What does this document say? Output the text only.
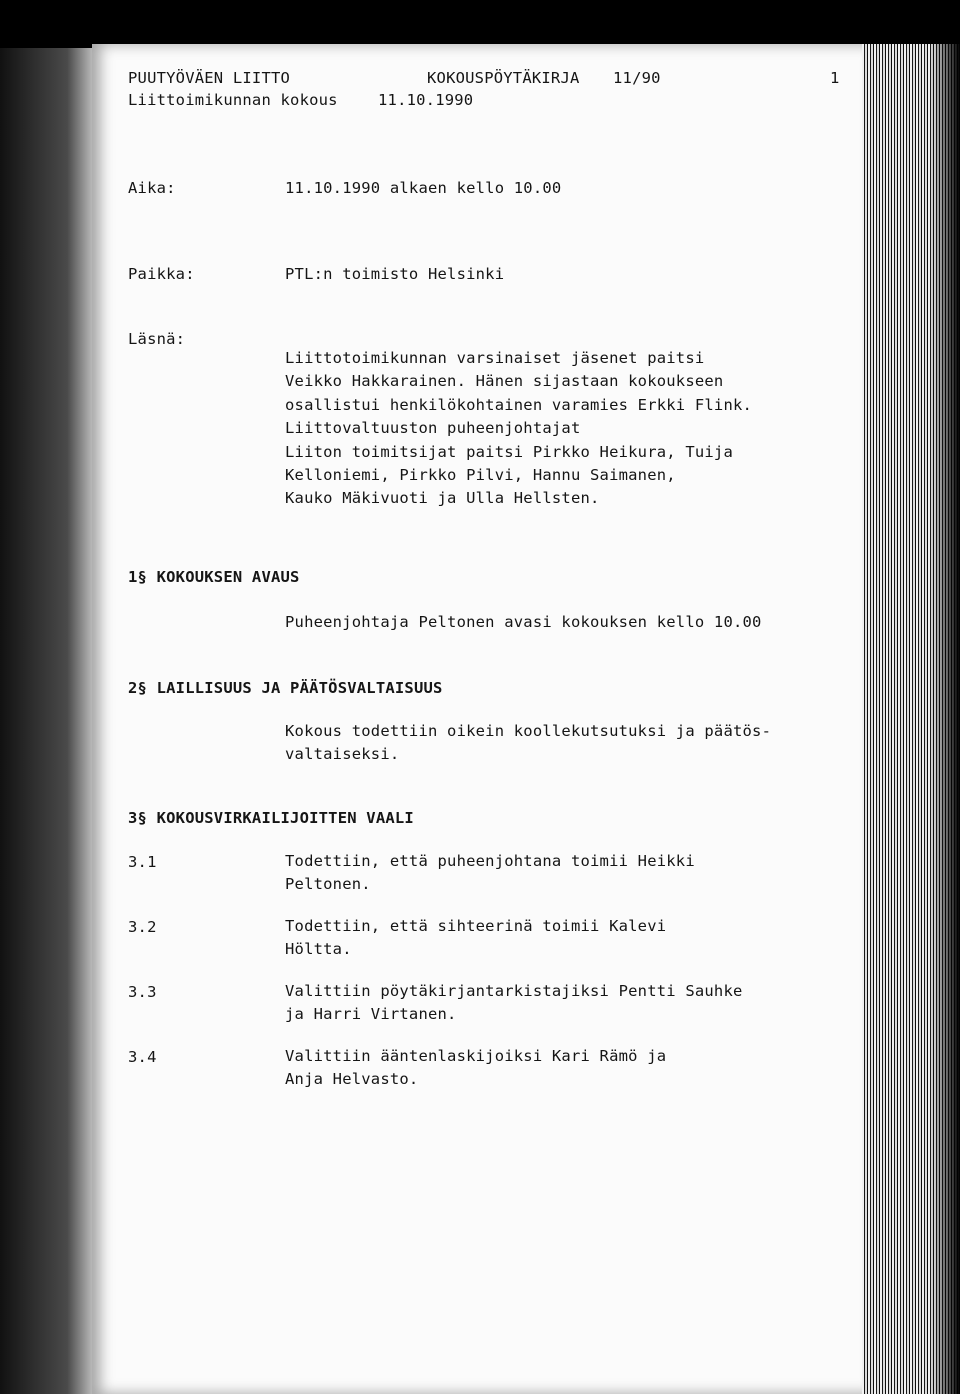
PUUTYÖVÄEN LIITTO	KOKOUSPÖYTÄKIRJA 11/90	1
Liittoimikunnan kokous	11.10.1990
Aika:	11.10.1990 alkaen kello 10.00
Paikka:	PTL:n toimisto Helsinki
Läsnä:
Liittotoimikunnan varsinaiset jäsenet paitsi
Veikko Hakkarainen. Hänen sijastaan kokoukseen
osallistui henkilökohtainen varamies Erkki Flink.
Liittovaltuuston puheenjohtajat
Liiton toimitsijat paitsi Pirkko Heikura, Tuija
Kelloniemi, Pirkko Pilvi, Hannu Saimanen,
Kauko Mäkivuoti ja Ulla Hellsten.
1§ KOKOUKSEN AVAUS
Puheenjohtaja Peltonen avasi kokouksen kello 10.00
2§ LAILLISUUS JA PÄÄTÖSVALTAISUUS
Kokous todettiin oikein koollekutsutuksi ja päätös-
valtaiseksi.
3§ KOKOUSVIRKAILIJOITTEN VAALI
3.1	Todettiin, että puheenjohtana toimii Heikki
Peltonen.
3.2	Todettiin, että sihteerinä toimii Kalevi
Höltta.
3.3	Valittiin pöytäkirjantarkistajiksi Pentti Sauhke
ja Harri Virtanen.
3.4	Valittiin ääntenlaskijoiksi Kari Rämö ja
Anja Helvasto.
